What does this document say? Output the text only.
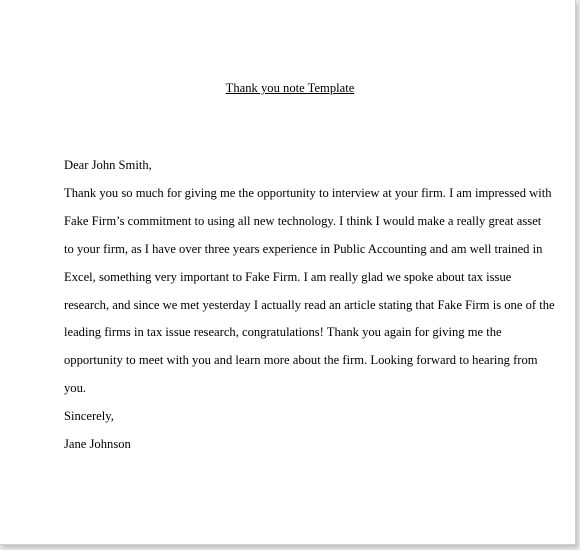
Thank you note Template
Dear John Smith,
Thank you so much for giving me the opportunity to interview at your firm. I am impressed with
Fake Firm’s commitment to using all new technology. I think I would make a really great asset
to your firm, as I have over three years experience in Public Accounting and am well trained in
Excel, something very important to Fake Firm. I am really glad we spoke about tax issue
research, and since we met yesterday I actually read an article stating that Fake Firm is one of the
leading firms in tax issue research, congratulations! Thank you again for giving me the
opportunity to meet with you and learn more about the firm. Looking forward to hearing from
you.
Sincerely,
Jane Johnson
